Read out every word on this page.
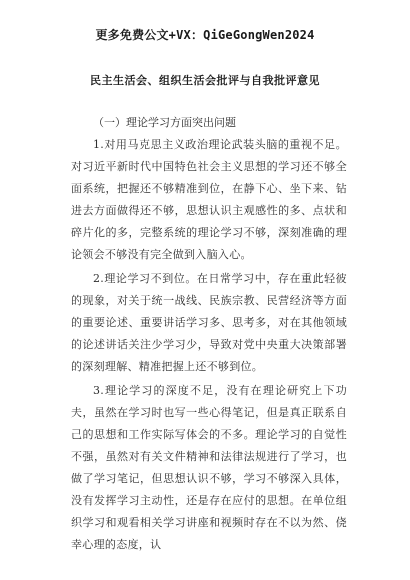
更多免费公文+VX：QiGeGongWen2024
民主生活会、组织生活会批评与自我批评意见

（一）理论学习方面突出问题

1.对用马克思主义政治理论武装头脑的重视不足。对习近平新时代中国特色社会主义思想的学习还不够全面系统，把握还不够精准到位，在静下心、坐下来、钻进去方面做得还不够，思想认识主观感性的多、点状和碎片化的多，完整系统的理论学习不够，深刻准确的理论领会不够没有完全做到入脑入心。

2.理论学习不到位。在日常学习中，存在重此轻彼的现象，对关于统一战线、民族宗教、民营经济等方面的重要论述、重要讲话学习多、思考多，对在其他领域的论述讲话关注少学习少，导致对党中央重大决策部署的深刻理解、精准把握上还不够到位。

3.理论学习的深度不足，没有在理论研究上下功夫，虽然在学习时也写一些心得笔记，但是真正联系自己的思想和工作实际写体会的不多。理论学习的自觉性不强，虽然对有关文件精神和法律法规进行了学习，也做了学习笔记，但思想认识不够，学习不够深入具体，没有发挥学习主动性，还是存在应付的思想。在单位组织学习和观看相关学习讲座和视频时存在不以为然、侥幸心理的态度，认
